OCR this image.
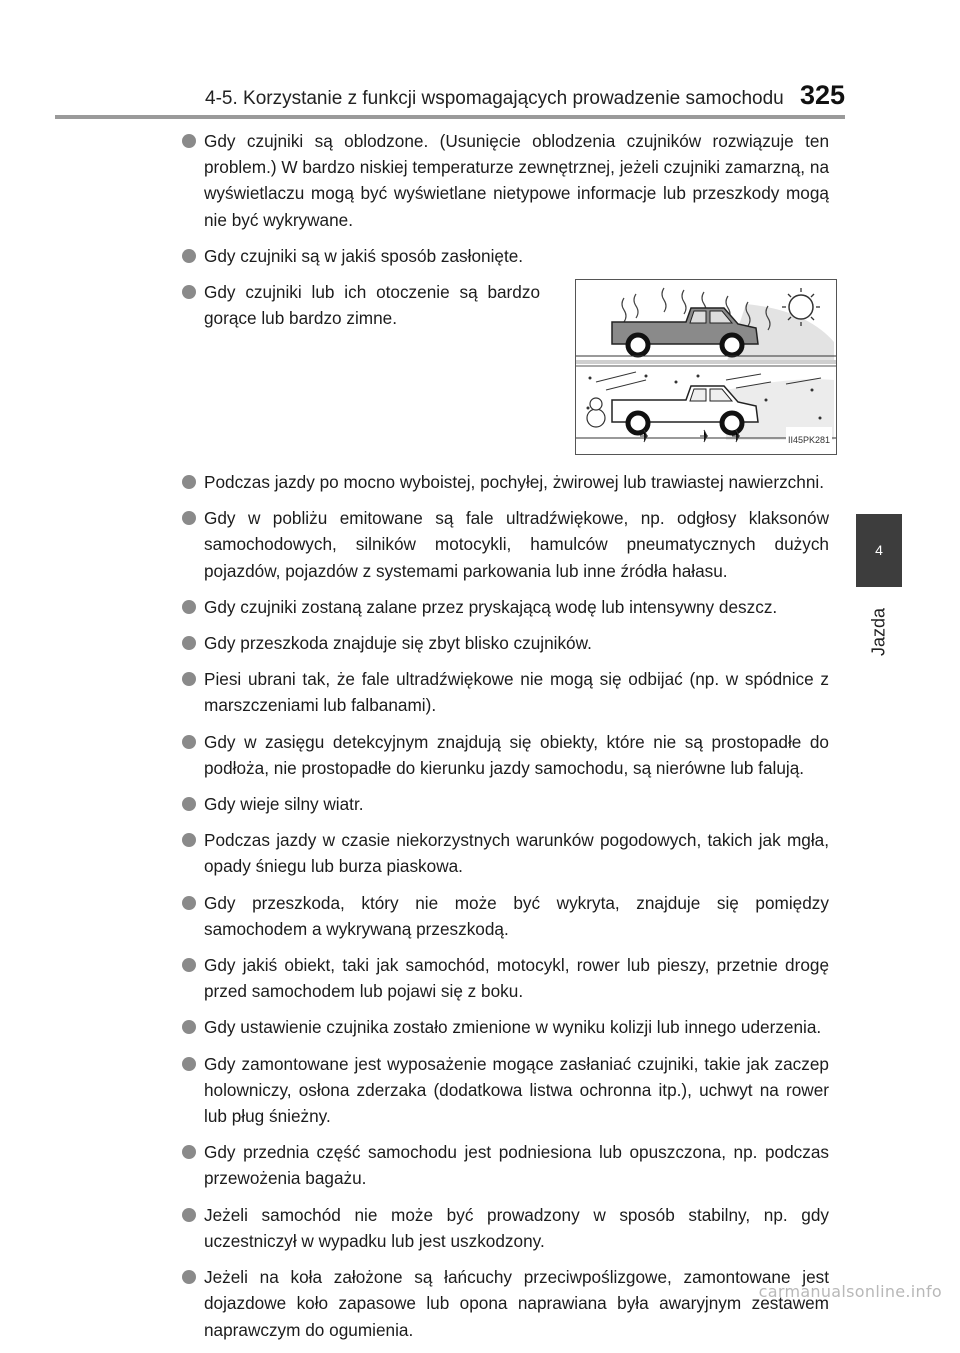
4-5. Korzystanie z funkcji wspomagających prowadzenie samochodu 325
4
Jazda
Gdy czujniki są oblodzone. (Usunięcie oblodzenia czujników rozwiązuje ten problem.) W bardzo niskiej temperaturze zewnętrznej, jeżeli czujniki zamarzną, na wyświetlaczu mogą być wyświetlane nietypowe informacje lub przeszkody mogą nie być wykrywane.
Gdy czujniki są w jakiś sposób zasłonięte.
Gdy czujniki lub ich otoczenie są bardzo gorące lub bardzo zimne.
II45PK281
Podczas jazdy po mocno wyboistej, pochyłej, żwirowej lub trawiastej nawierzchni.
Gdy w pobliżu emitowane są fale ultradźwiękowe, np. odgłosy klaksonów samochodowych, silników motocykli, hamulców pneumatycznych dużych pojazdów, pojazdów z systemami parkowania lub inne źródła hałasu.
Gdy czujniki zostaną zalane przez pryskającą wodę lub intensywny deszcz.
Gdy przeszkoda znajduje się zbyt blisko czujników.
Piesi ubrani tak, że fale ultradźwiękowe nie mogą się odbijać (np. w spódnice z marszczeniami lub falbanami).
Gdy w zasięgu detekcyjnym znajdują się obiekty, które nie są prostopadłe do podłoża, nie prostopadłe do kierunku jazdy samochodu, są nierówne lub falują.
Gdy wieje silny wiatr.
Podczas jazdy w czasie niekorzystnych warunków pogodowych, takich jak mgła, opady śniegu lub burza piaskowa.
Gdy przeszkoda, który nie może być wykryta, znajduje się pomiędzy samochodem a wykrywaną przeszkodą.
Gdy jakiś obiekt, taki jak samochód, motocykl, rower lub pieszy, przetnie drogę przed samochodem lub pojawi się z boku.
Gdy ustawienie czujnika zostało zmienione w wyniku kolizji lub innego uderzenia.
Gdy zamontowane jest wyposażenie mogące zasłaniać czujniki, takie jak zaczep holowniczy, osłona zderzaka (dodatkowa listwa ochronna itp.), uchwyt na rower lub pług śnieżny.
Gdy przednia część samochodu jest podniesiona lub opuszczona, np. podczas przewożenia bagażu.
Jeżeli samochód nie może być prowadzony w sposób stabilny, np. gdy uczestniczył w wypadku lub jest uszkodzony.
Jeżeli na koła założone są łańcuchy przeciwpoślizgowe, zamontowane jest dojazdowe koło zapasowe lub opona naprawiana była awaryjnym zestawem naprawczym do ogumienia.
carmanualsonline.info
